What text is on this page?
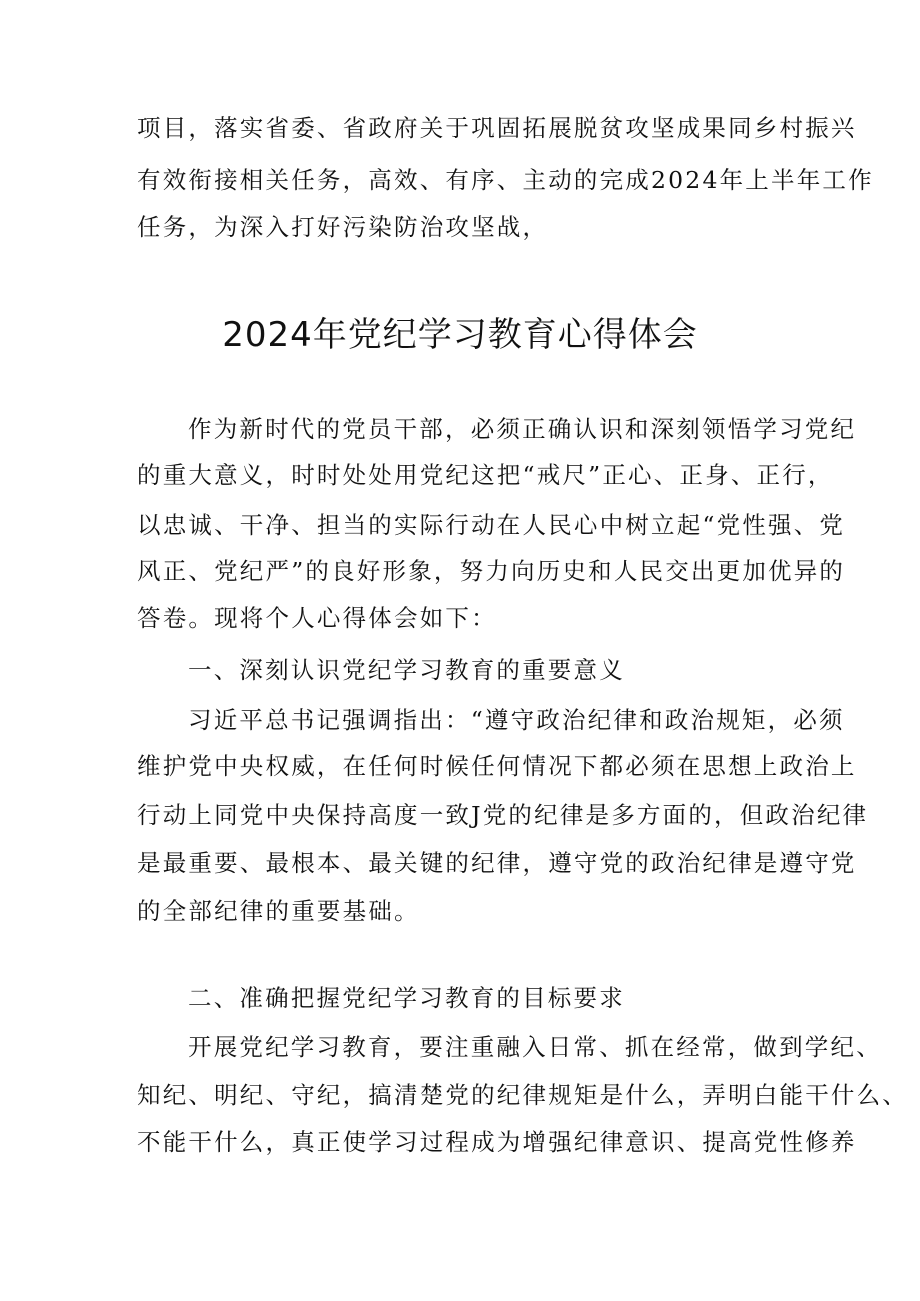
项目，落实省委、省政府关于巩固拓展脱贫攻坚成果同乡村振兴

有效衔接相关任务，高效、有序、主动的完成2024年上半年工作

任务，为深入打好污染防治攻坚战，

2024年党纪学习教育心得体会

作为新时代的党员干部，必须正确认识和深刻领悟学习党纪

的重大意义，时时处处用党纪这把“戒尺”正心、正身、正行，

以忠诚、干净、担当的实际行动在人民心中树立起“党性强、党

风正、党纪严”的良好形象，努力向历史和人民交出更加优异的

答卷。现将个人心得体会如下：

一、深刻认识党纪学习教育的重要意义

习近平总书记强调指出：“遵守政治纪律和政治规矩，必须

维护党中央权威，在任何时候任何情况下都必须在思想上政治上

行动上同党中央保持高度一致J党的纪律是多方面的，但政治纪律

是最重要、最根本、最关键的纪律，遵守党的政治纪律是遵守党

的全部纪律的重要基础。

二、准确把握党纪学习教育的目标要求

开展党纪学习教育，要注重融入日常、抓在经常，做到学纪、

知纪、明纪、守纪，搞清楚党的纪律规矩是什么，弄明白能干什么、

不能干什么，真正使学习过程成为增强纪律意识、提高党性修养
